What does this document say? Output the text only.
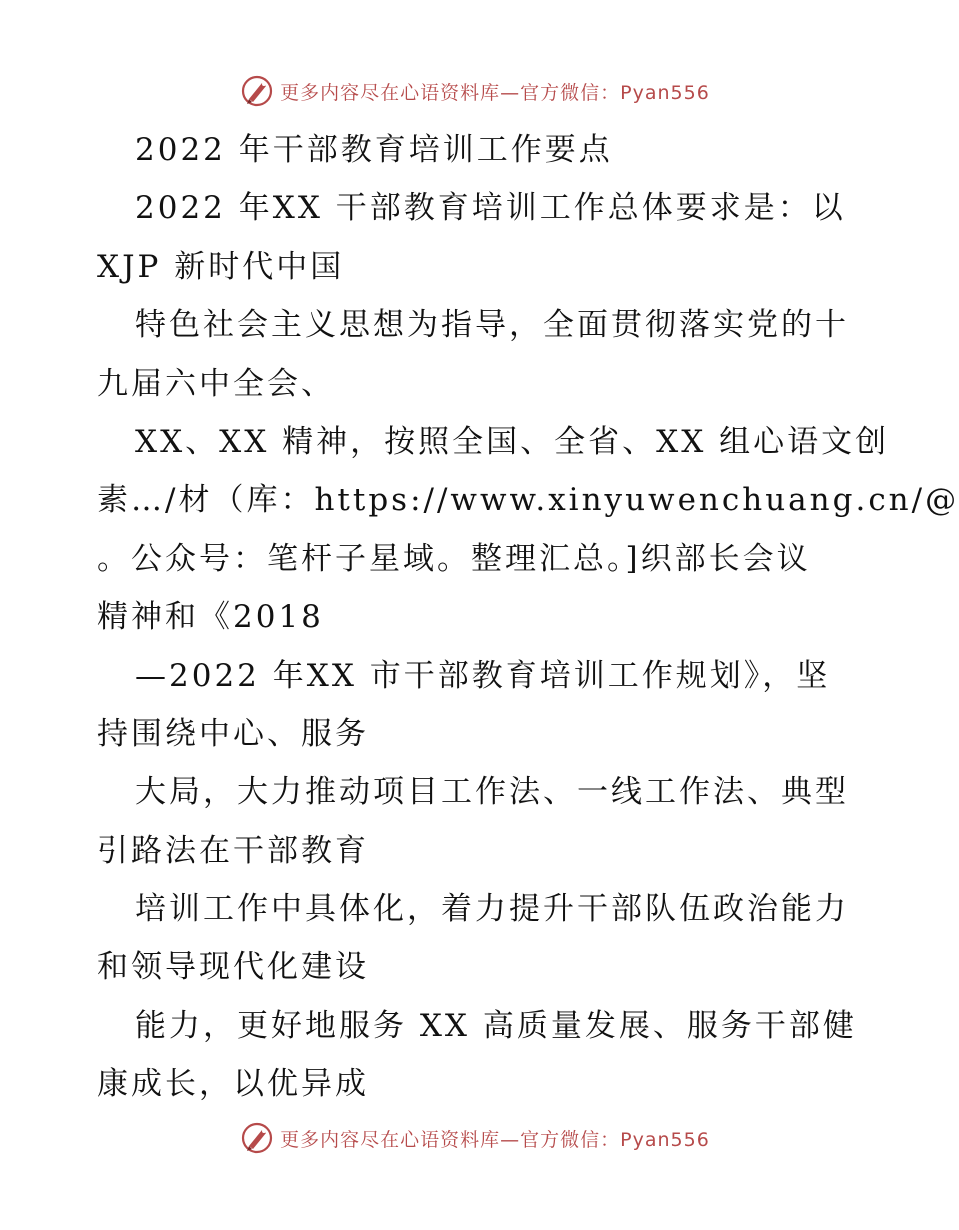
更多内容尽在心语资料库—官方微信：Pyan556
2022 年干部教育培训工作要点
2022 年XX 干部教育培训工作总体要求是：以
XJP 新时代中国
特色社会主义思想为指导，全面贯彻落实党的十
九届六中全会、
XX、XX 精神，按照全国、全省、XX 组心语文创
素…/材（库：https://www.xinyuwenchuang.cn/@
。公众号：笔杆子星域。整理汇总。]织部长会议
精神和《2018
—2022 年XX 市干部教育培训工作规划》，坚
持围绕中心、服务
大局，大力推动项目工作法、一线工作法、典型
引路法在干部教育
培训工作中具体化，着力提升干部队伍政治能力
和领导现代化建设
能力，更好地服务 XX 高质量发展、服务干部健
康成长，以优异成
更多内容尽在心语资料库—官方微信：Pyan556
